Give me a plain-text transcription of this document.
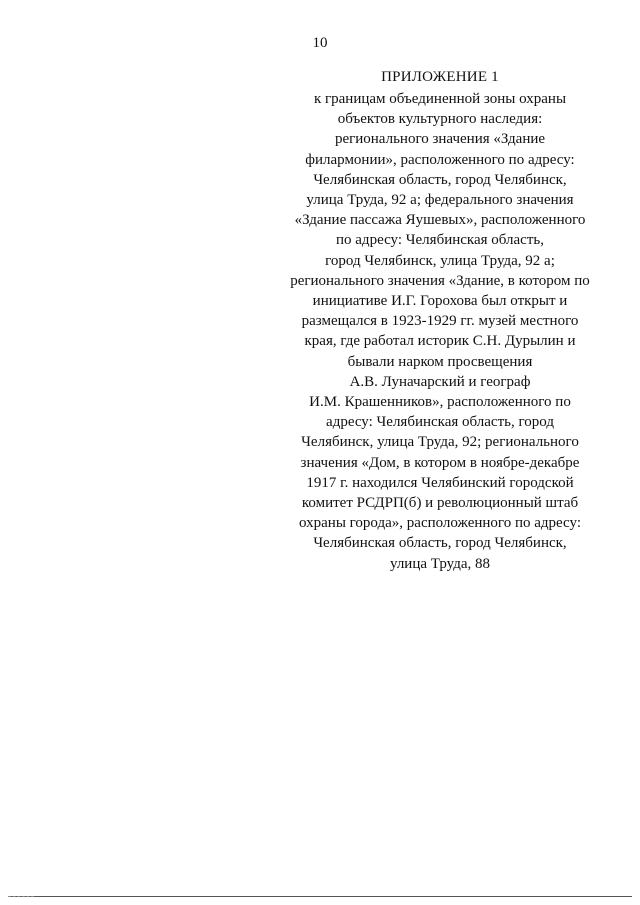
10
ПРИЛОЖЕНИЕ 1
к границам объединенной зоны охраны
объектов культурного наследия:
регионального значения «Здание
филармонии», расположенного по адресу:
Челябинская область, город Челябинск,
улица Труда, 92 а; федерального значения
«Здание пассажа Яушевых», расположенного
по адресу: Челябинская область,
город Челябинск, улица Труда, 92 а;
регионального значения «Здание, в котором по
инициативе И.Г. Горохова был открыт и
размещался в 1923-1929 гг. музей местного
края, где работал историк С.Н. Дурылин и
бывали нарком просвещения
А.В. Луначарский и географ
И.М. Крашенников», расположенного по
адресу: Челябинская область, город
Челябинск, улица Труда, 92; регионального
значения «Дом, в котором в ноябре-декабре
1917 г. находился Челябинский городской
комитет РСДРП(б) и революционный штаб
охраны города», расположенного по адресу:
Челябинская область, город Челябинск,
улица Труда, 88
